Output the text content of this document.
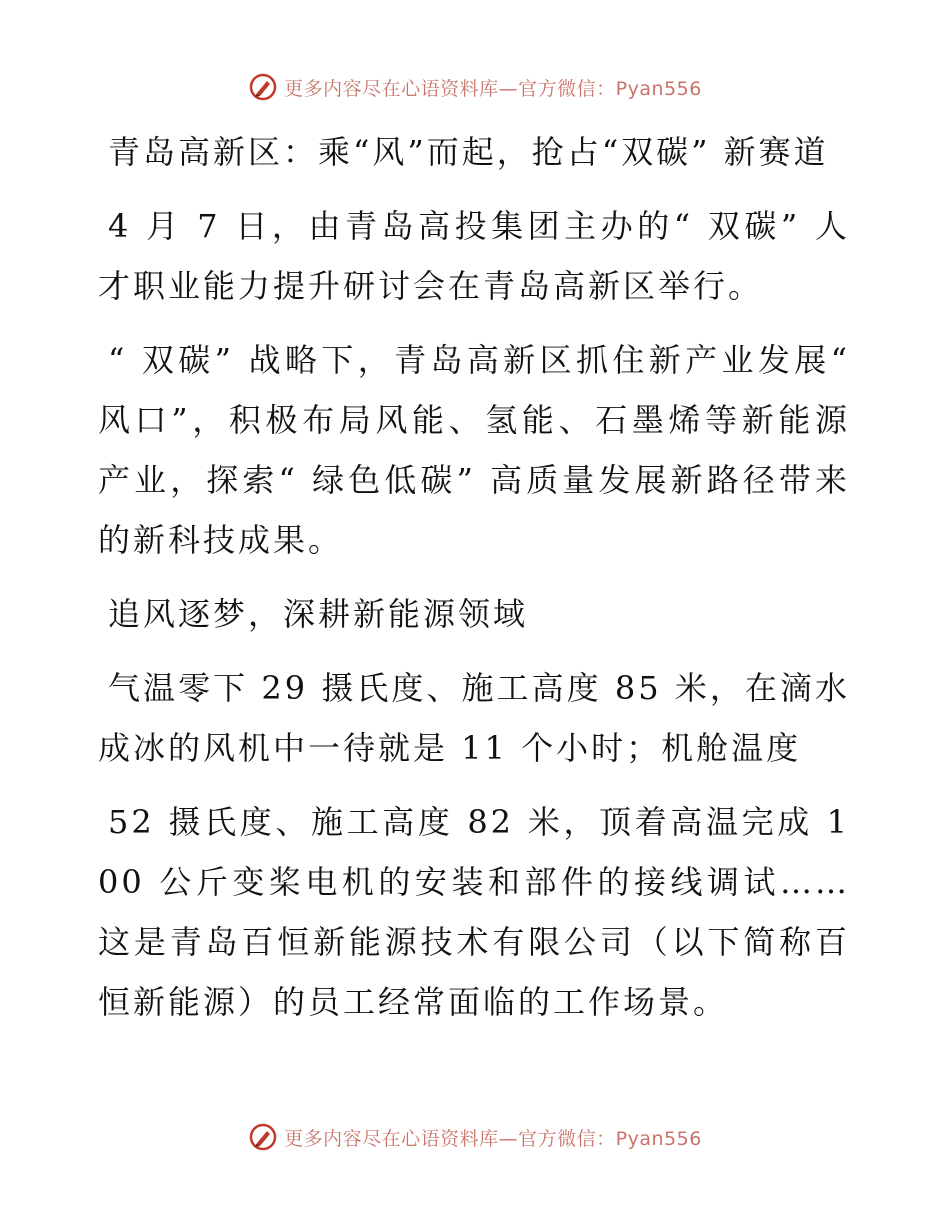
更多内容尽在心语资料库—官方微信：Pyan556

青岛高新区：乘“风”而起，抢占“双碳” 新赛道

4 月 7 日，由青岛高投集团主办的“ 双碳” 人才职业能力提升研讨会在青岛高新区举行。

“ 双碳” 战略下，青岛高新区抓住新产业发展“ 风口”，积极布局风能、氢能、石墨烯等新能源产业，探索“ 绿色低碳” 高质量发展新路径带来的新科技成果。

追风逐梦，深耕新能源领域

气温零下 29 摄氏度、施工高度 85 米，在滴水成冰的风机中一待就是 11 个小时；机舱温度

52 摄氏度、施工高度 82 米，顶着高温完成 100 公斤变桨电机的安装和部件的接线调试……这是青岛百恒新能源技术有限公司（以下简称百恒新能源）的员工经常面临的工作场景。

更多内容尽在心语资料库—官方微信：Pyan556
